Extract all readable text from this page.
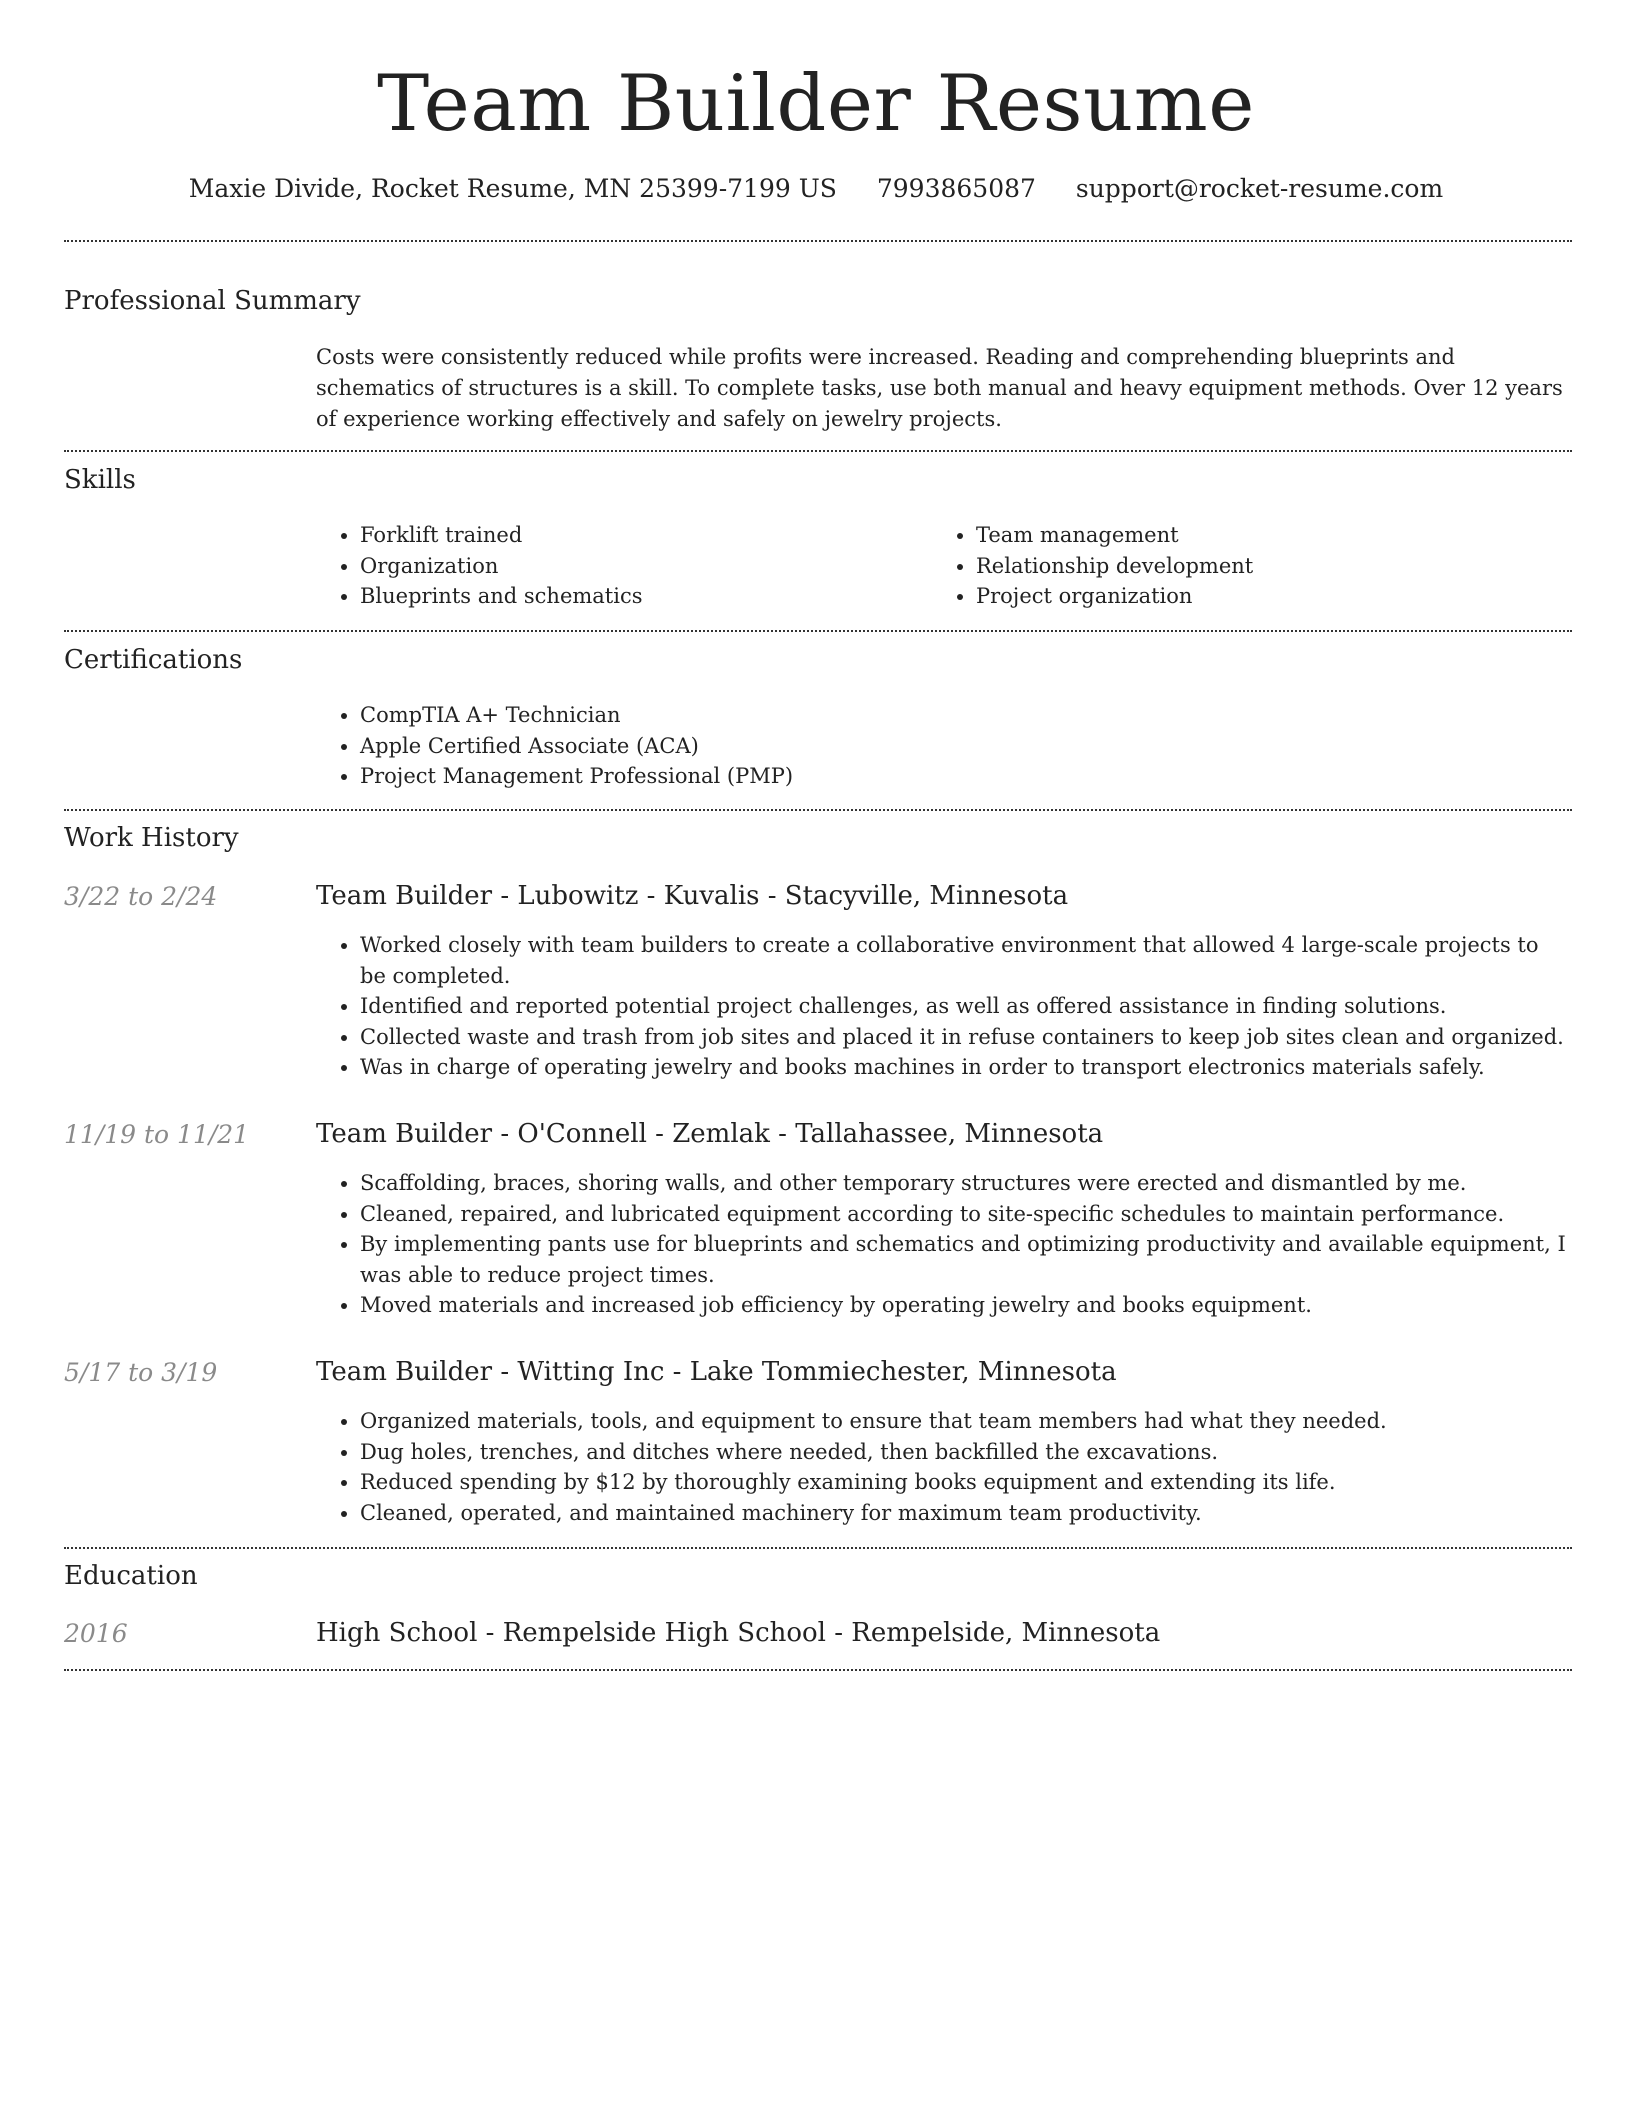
Team Builder Resume
Maxie Divide, Rocket Resume, MN 25399-7199 US 7993865087 support@rocket-resume.com
Professional Summary
Costs were consistently reduced while profits were increased. Reading and comprehending blueprints and schematics of structures is a skill. To complete tasks, use both manual and heavy equipment methods. Over 12 years of experience working effectively and safely on jewelry projects.
Skills
• Forklift trained
• Organization
• Blueprints and schematics
• Team management
• Relationship development
• Project organization
Certifications
• CompTIA A+ Technician
• Apple Certified Associate (ACA)
• Project Management Professional (PMP)
Work History
3/22 to 2/24	Team Builder - Lubowitz - Kuvalis - Stacyville, Minnesota
• Worked closely with team builders to create a collaborative environment that allowed 4 large-scale projects to be completed.
• Identified and reported potential project challenges, as well as offered assistance in finding solutions.
• Collected waste and trash from job sites and placed it in refuse containers to keep job sites clean and organized.
• Was in charge of operating jewelry and books machines in order to transport electronics materials safely.
11/19 to 11/21	Team Builder - O'Connell - Zemlak - Tallahassee, Minnesota
• Scaffolding, braces, shoring walls, and other temporary structures were erected and dismantled by me.
• Cleaned, repaired, and lubricated equipment according to site-specific schedules to maintain performance.
• By implementing pants use for blueprints and schematics and optimizing productivity and available equipment, I was able to reduce project times.
• Moved materials and increased job efficiency by operating jewelry and books equipment.
5/17 to 3/19	Team Builder - Witting Inc - Lake Tommiechester, Minnesota
• Organized materials, tools, and equipment to ensure that team members had what they needed.
• Dug holes, trenches, and ditches where needed, then backfilled the excavations.
• Reduced spending by $12 by thoroughly examining books equipment and extending its life.
• Cleaned, operated, and maintained machinery for maximum team productivity.
Education
2016	High School - Rempelside High School - Rempelside, Minnesota
